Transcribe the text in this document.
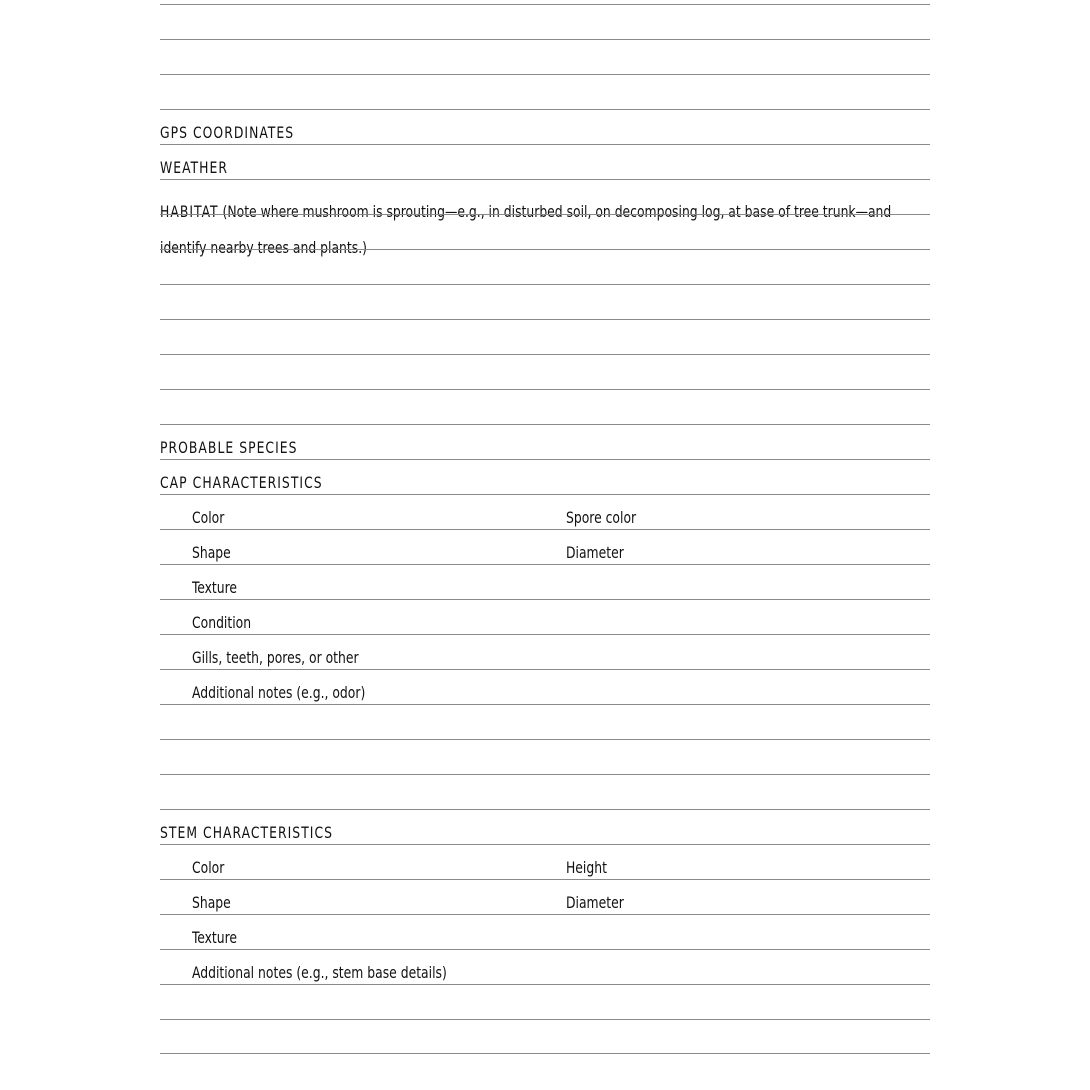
GPS COORDINATES
WEATHER
HABITAT (Note where mushroom is sprouting—e.g., in disturbed soil, on decomposing log, at base of tree trunk—and identify nearby trees and plants.)
PROBABLE SPECIES
CAP CHARACTERISTICS
Color	Spore color
Shape	Diameter
Texture
Condition
Gills, teeth, pores, or other
Additional notes (e.g., odor)
STEM CHARACTERISTICS
Color	Height
Shape	Diameter
Texture
Additional notes (e.g., stem base details)
